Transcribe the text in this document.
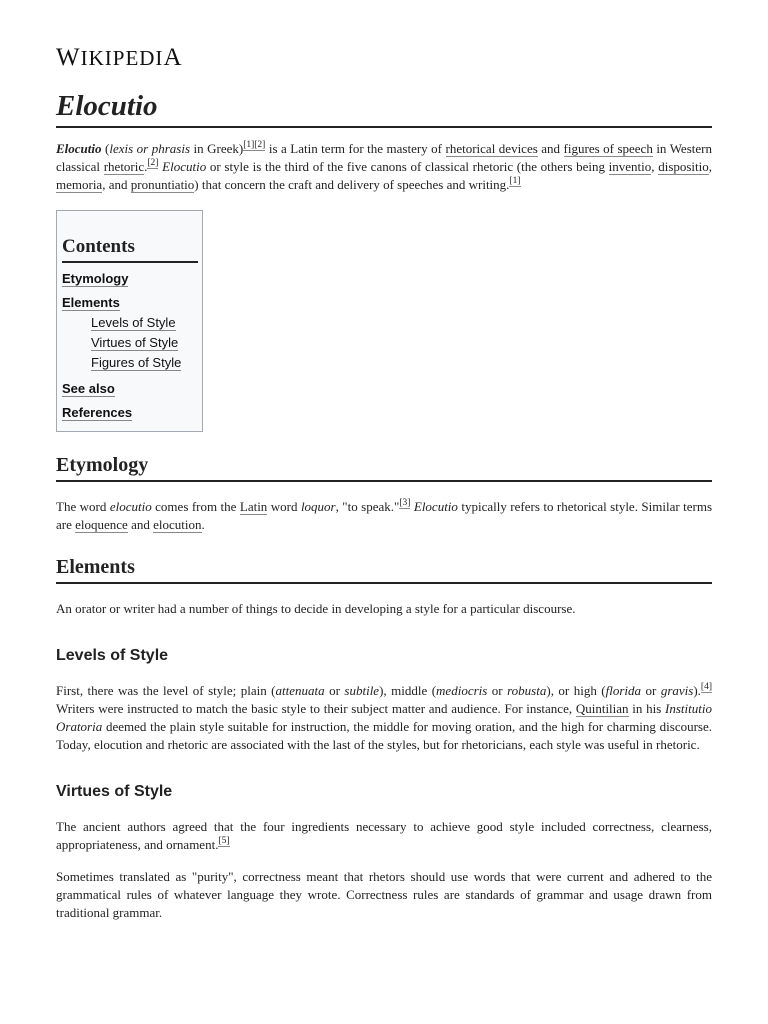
WIKIPEDIA
Elocutio

Elocutio (lexis or phrasis in Greek)[1][2] is a Latin term for the mastery of rhetorical devices and figures of speech in Western classical rhetoric.[2] Elocutio or style is the third of the five canons of classical rhetoric (the others being inventio, dispositio, memoria, and pronuntiatio) that concern the craft and delivery of speeches and writing.[1]

Contents
Etymology
Elements
Levels of Style
Virtues of Style
Figures of Style
See also
References
Etymology

The word elocutio comes from the Latin word loquor, "to speak."[3] Elocutio typically refers to rhetorical style. Similar terms are eloquence and elocution.

Elements

An orator or writer had a number of things to decide in developing a style for a particular discourse.

Levels of Style

First, there was the level of style; plain (attenuata or subtile), middle (mediocris or robusta), or high (florida or gravis).[4] Writers were instructed to match the basic style to their subject matter and audience. For instance, Quintilian in his Institutio Oratoria deemed the plain style suitable for instruction, the middle for moving oration, and the high for charming discourse. Today, elocution and rhetoric are associated with the last of the styles, but for rhetoricians, each style was useful in rhetoric.

Virtues of Style

The ancient authors agreed that the four ingredients necessary to achieve good style included correctness, clearness, appropriateness, and ornament.[5]

Sometimes translated as "purity", correctness meant that rhetors should use words that were current and adhered to the grammatical rules of whatever language they wrote. Correctness rules are standards of grammar and usage drawn from traditional grammar.
